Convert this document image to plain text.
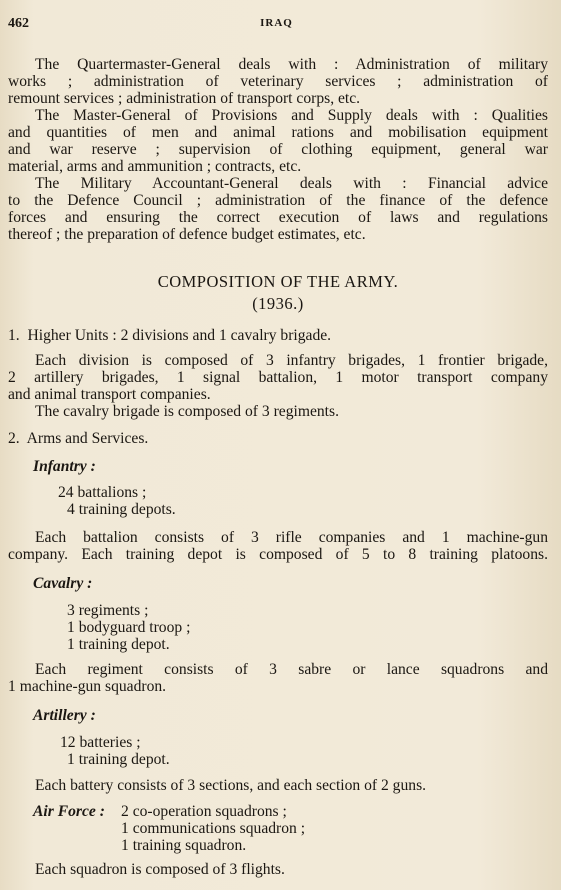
462	IRAQ
The Quartermaster-General deals with : Administration of military
works ; administration of veterinary services ; administration of
remount services ; administration of transport corps, etc.
The Master-General of Provisions and Supply deals with : Qualities
and quantities of men and animal rations and mobilisation equipment
and war reserve ; supervision of clothing equipment, general war
material, arms and ammunition ; contracts, etc.
The Military Accountant-General deals with : Financial advice
to the Defence Council ; administration of the finance of the defence
forces and ensuring the correct execution of laws and regulations
thereof ; the preparation of defence budget estimates, etc.
COMPOSITION OF THE ARMY.
(1936.)
1.  Higher Units : 2 divisions and 1 cavalry brigade.
Each division is composed of 3 infantry brigades, 1 frontier brigade,
2 artillery brigades, 1 signal battalion, 1 motor transport company
and animal transport companies.
The cavalry brigade is composed of 3 regiments.
2.  Arms and Services.
Infantry :
24 battalions ;
4 training depots.
Each battalion consists of 3 rifle companies and 1 machine-gun
company. Each training depot is composed of 5 to 8 training platoons.
Cavalry :
3 regiments ;
1 bodyguard troop ;
1 training depot.
Each regiment consists of 3 sabre or lance squadrons and
1 machine-gun squadron.
Artillery :
12 batteries ;
1 training depot.
Each battery consists of 3 sections, and each section of 2 guns.
Air Force :	2 co-operation squadrons ;
1 communications squadron ;
1 training squadron.
Each squadron is composed of 3 flights.
